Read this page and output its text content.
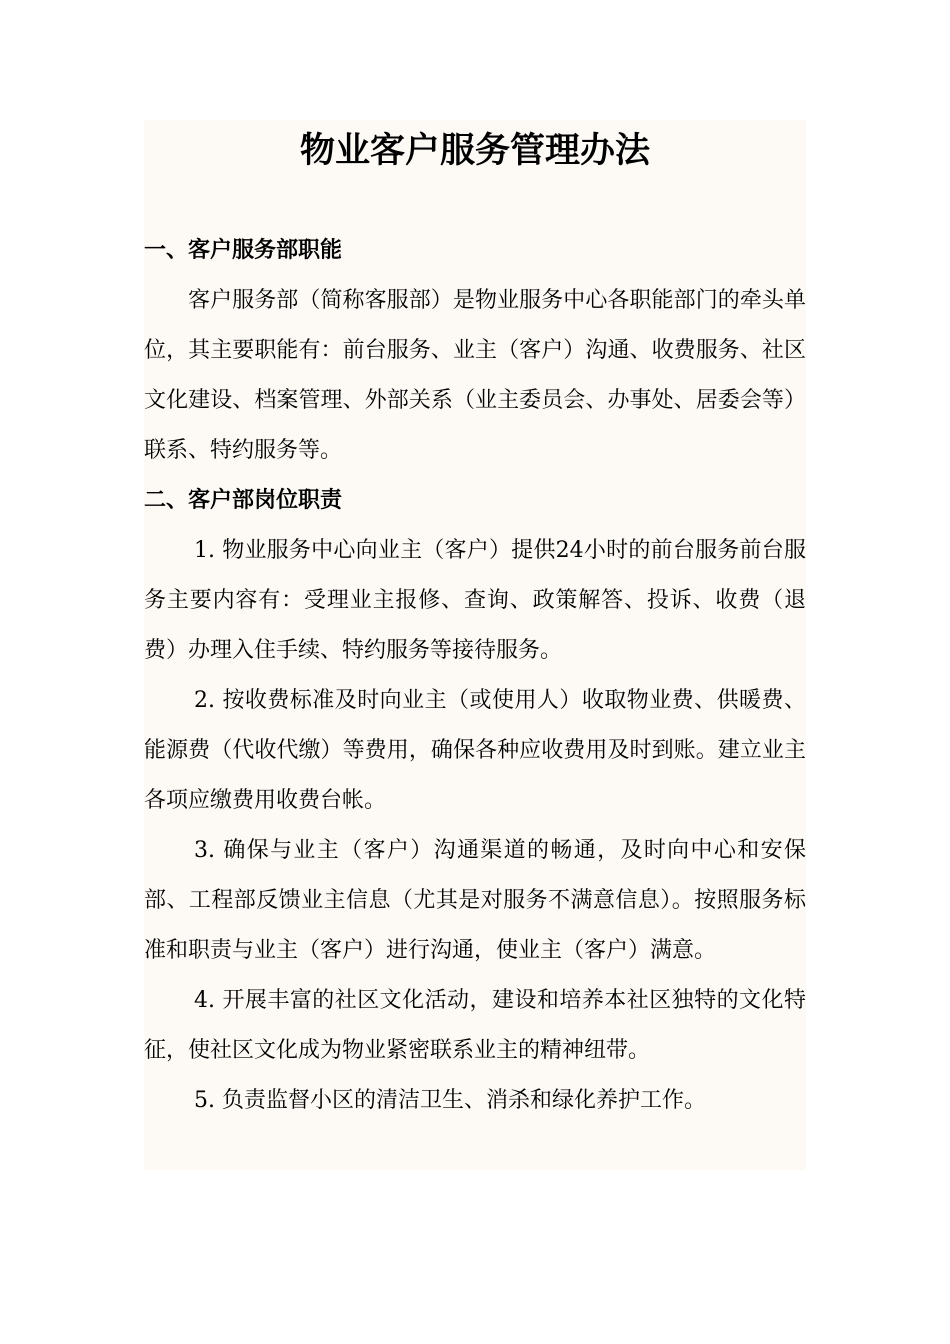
物业客户服务管理办法
一、客户服务部职能

客户服务部（简称客服部）是物业服务中心各职能部门的牵头单位，其主要职能有：前台服务、业主（客户）沟通、收费服务、社区文化建设、档案管理、外部关系（业主委员会、办事处、居委会等）联系、特约服务等。

二、客户部岗位职责

1. 物业服务中心向业主（客户）提供24小时的前台服务前台服务主要内容有：受理业主报修、查询、政策解答、投诉、收费（退费）办理入住手续、特约服务等接待服务。

2. 按收费标准及时向业主（或使用人）收取物业费、供暖费、能源费（代收代缴）等费用，确保各种应收费用及时到账。建立业主各项应缴费用收费台帐。

3. 确保与业主（客户）沟通渠道的畅通，及时向中心和安保部、工程部反馈业主信息（尤其是对服务不满意信息）。按照服务标准和职责与业主（客户）进行沟通，使业主（客户）满意。

4. 开展丰富的社区文化活动，建设和培养本社区独特的文化特征，使社区文化成为物业紧密联系业主的精神纽带。

5. 负责监督小区的清洁卫生、消杀和绿化养护工作。
